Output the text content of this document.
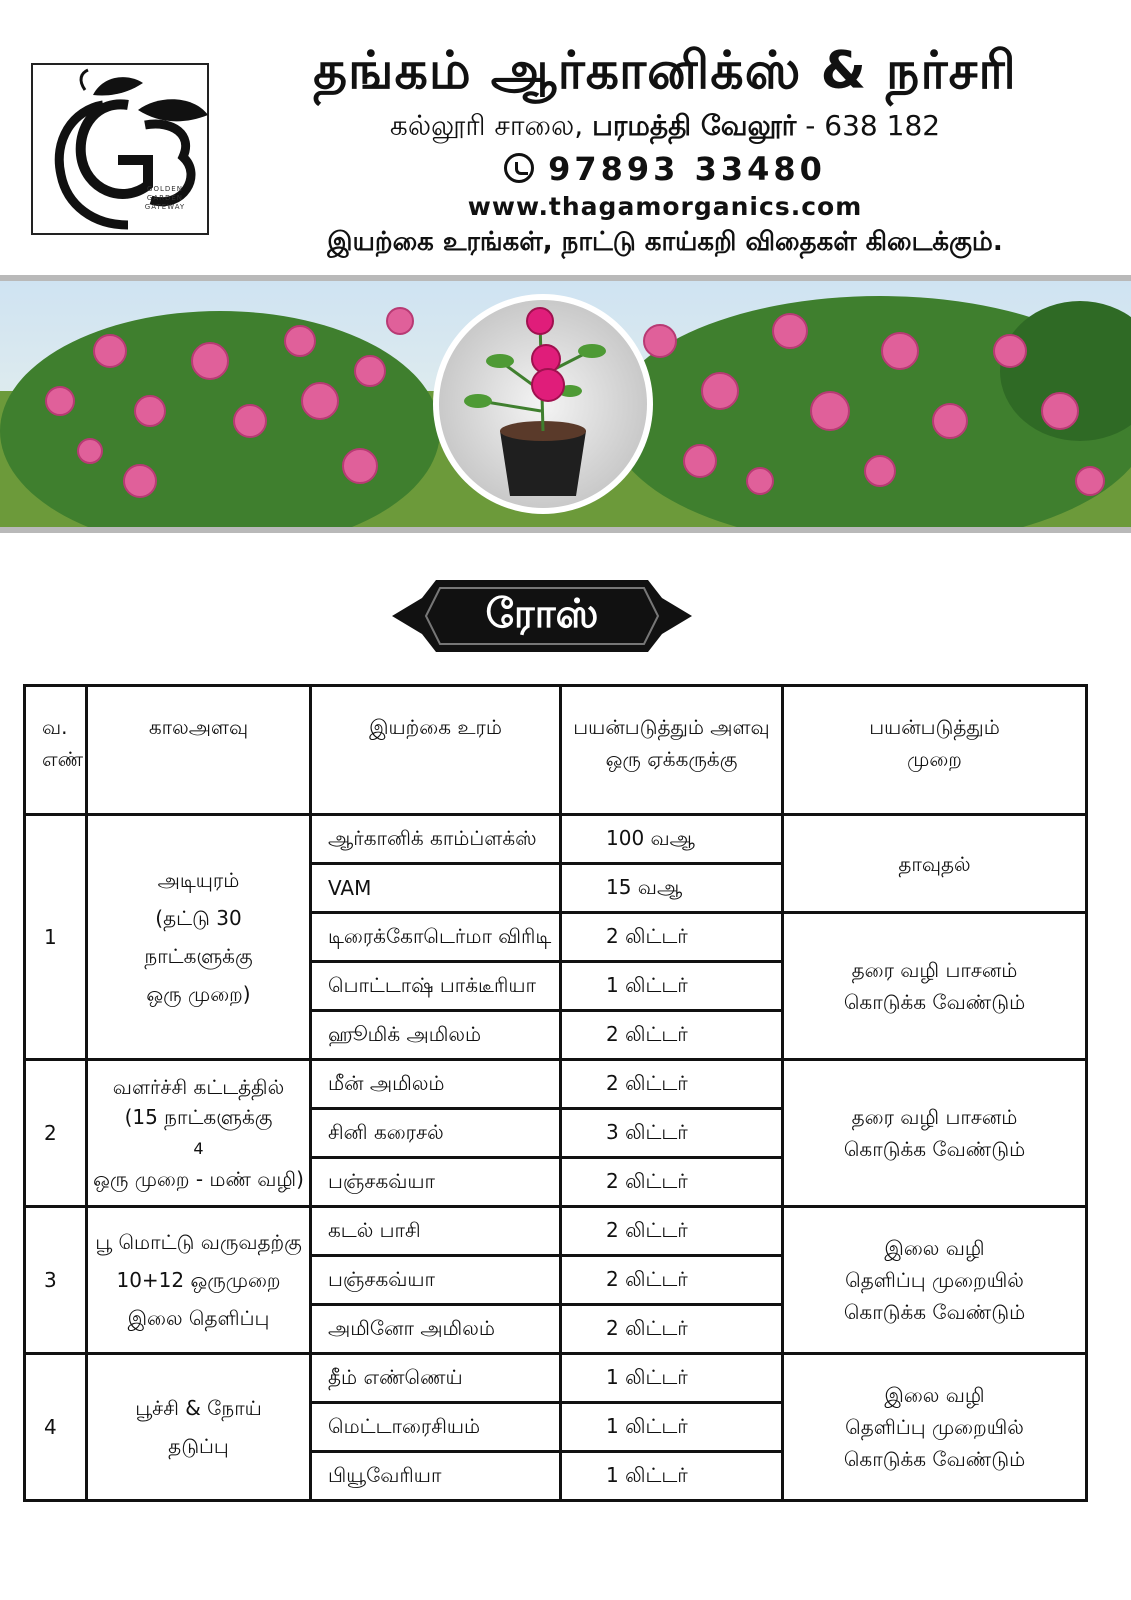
GOLDEN
GARDEN
GATEWAY
தங்கம் ஆர்கானிக்ஸ் & நர்சரி
கல்லூரி சாலை, பரமத்தி வேலூர் - 638 182
97893 33480
www.thagamorganics.com
இயற்கை உரங்கள், நாட்டு காய்கறி விதைகள் கிடைக்கும்.
ரோஸ்
வ.
எண்	காலஅளவு	இயற்கை உரம்	பயன்படுத்தும் அளவு
ஒரு ஏக்கருக்கு	பயன்படுத்தும்
முறை
1	அடியுரம்
(தட்டு 30
நாட்களுக்கு
ஒரு முறை)	ஆர்கானிக் காம்ப்ளக்ஸ்	100 வஆ	தாவுதல்
		VAM	15 வஆ	
		டிரைக்கோடெர்மா விரிடி	2 லிட்டர்	தரை வழி பாசனம்
கொடுக்க வேண்டும்
		பொட்டாஷ் பாக்டீரியா	1 லிட்டர்	
		ஹூமிக் அமிலம்	2 லிட்டர்	
2	வளர்ச்சி கட்டத்தில்
(15 நாட்களுக்கு
4
ஒரு முறை - மண் வழி)	மீன் அமிலம்	2 லிட்டர்	தரை வழி பாசனம்
கொடுக்க வேண்டும்
		சினி கரைசல்	3 லிட்டர்	
		பஞ்சகவ்யா	2 லிட்டர்	
3	பூ மொட்டு வருவதற்கு
10+12 ஒருமுறை
இலை தெளிப்பு	கடல் பாசி	2 லிட்டர்	இலை வழி
தெளிப்பு முறையில்
கொடுக்க வேண்டும்
		பஞ்சகவ்யா	2 லிட்டர்	
		அமினோ அமிலம்	2 லிட்டர்	
4	பூச்சி & நோய்
தடுப்பு	தீம் எண்ணெய்	1 லிட்டர்	இலை வழி
தெளிப்பு முறையில்
கொடுக்க வேண்டும்
		மெட்டாரைசியம்	1 லிட்டர்	
		பியூவேரியா	1 லிட்டர்	
